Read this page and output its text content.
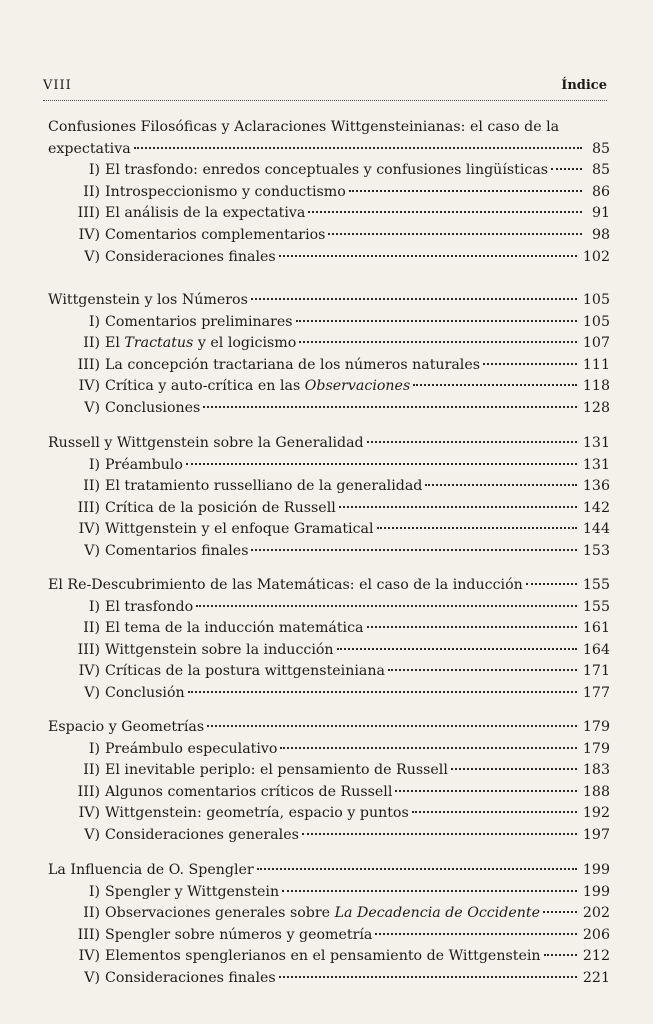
VIII	Índice
Confusiones Filosóficas y Aclaraciones Wittgensteinianas: el caso de la
expectativa	85
I) El trasfondo: enredos conceptuales y confusiones lingüísticas	85
II) Introspeccionismo y conductismo	86
III) El análisis de la expectativa	91
IV) Comentarios complementarios	98
V) Consideraciones finales	102
Wittgenstein y los Números	105
I) Comentarios preliminares	105
II) El Tractatus y el logicismo	107
III) La concepción tractariana de los números naturales	111
IV) Crítica y auto-crítica en las Observaciones	118
V) Conclusiones	128
Russell y Wittgenstein sobre la Generalidad	131
I) Préambulo	131
II) El tratamiento russelliano de la generalidad	136
III) Crítica de la posición de Russell	142
IV) Wittgenstein y el enfoque Gramatical	144
V) Comentarios finales	153
El Re-Descubrimiento de las Matemáticas: el caso de la inducción	155
I) El trasfondo	155
II) El tema de la inducción matemática	161
III) Wittgenstein sobre la inducción	164
IV) Críticas de la postura wittgensteiniana	171
V) Conclusión	177
Espacio y Geometrías	179
I) Preámbulo especulativo	179
II) El inevitable periplo: el pensamiento de Russell	183
III) Algunos comentarios críticos de Russell	188
IV) Wittgenstein: geometría, espacio y puntos	192
V) Consideraciones generales	197
La Influencia de O. Spengler	199
I) Spengler y Wittgenstein	199
II) Observaciones generales sobre La Decadencia de Occidente	202
III) Spengler sobre números y geometría	206
IV) Elementos spenglerianos en el pensamiento de Wittgenstein	212
V) Consideraciones finales	221
